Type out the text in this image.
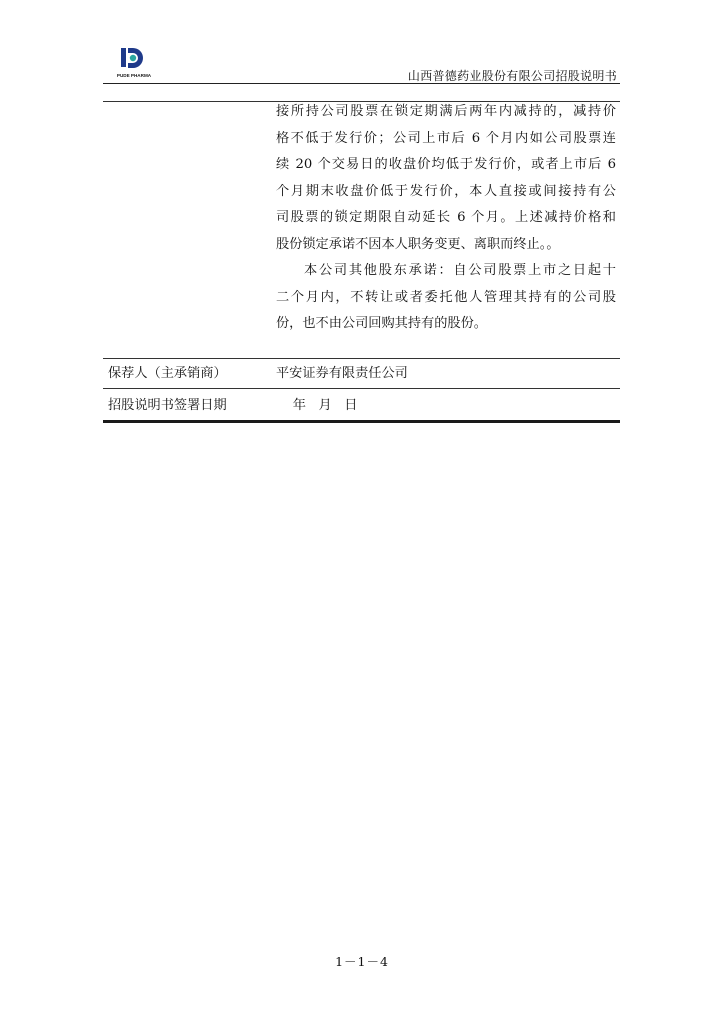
PUDE PHARMA	山西普德药业股份有限公司招股说明书
接所持公司股票在锁定期满后两年内减持的，减持价
格不低于发行价；公司上市后 6 个月内如公司股票连
续 20 个交易日的收盘价均低于发行价，或者上市后 6
个月期末收盘价低于发行价，本人直接或间接持有公
司股票的锁定期限自动延长 6 个月。上述减持价格和
股份锁定承诺不因本人职务变更、离职而终止。。
本公司其他股东承诺：自公司股票上市之日起十
二个月内，不转让或者委托他人管理其持有的公司股
份，也不由公司回购其持有的股份。
保荐人（主承销商）	平安证券有限责任公司
招股说明书签署日期	年   月   日
1－1－4
